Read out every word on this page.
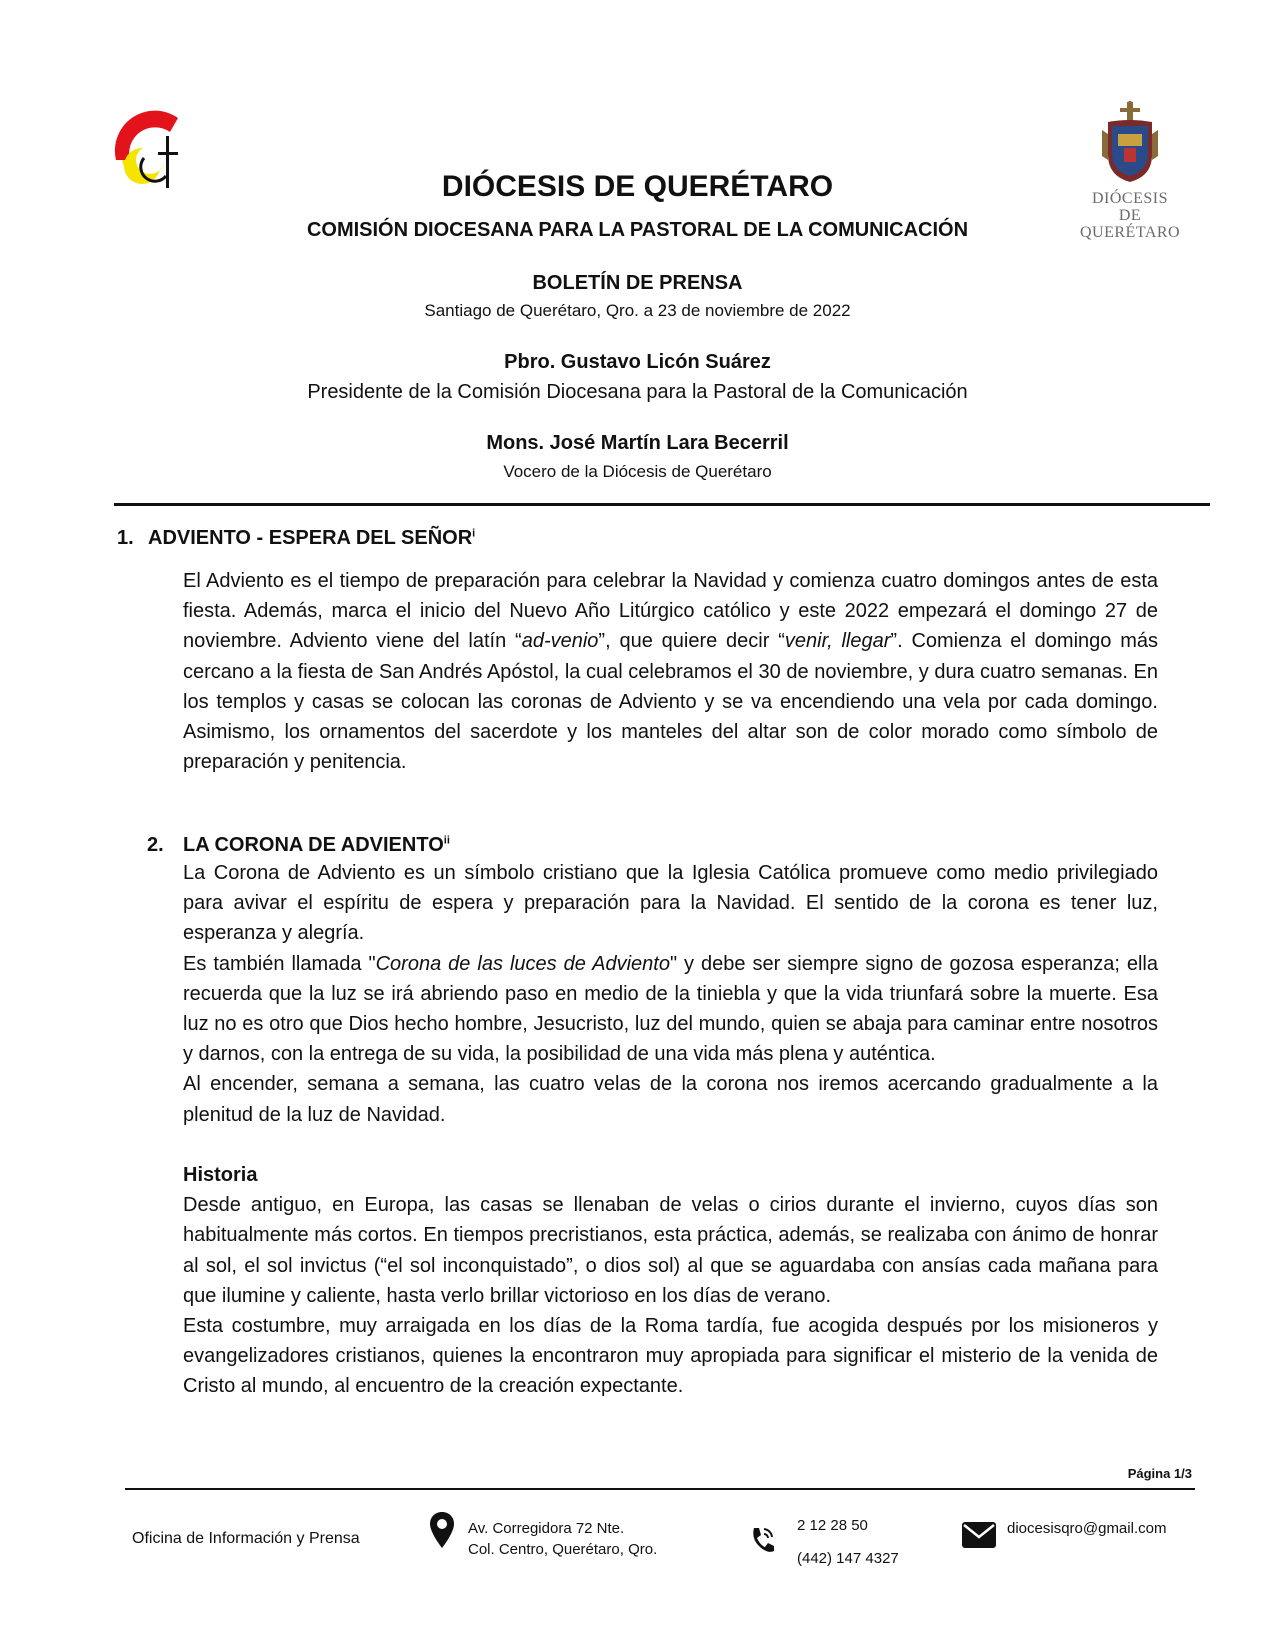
DIÓCESIS DE
QUERÉTARO
DIÓCESIS DE QUERÉTARO
COMISIÓN DIOCESANA PARA LA PASTORAL DE LA COMUNICACIÓN
BOLETÍN DE PRENSA
Santiago de Querétaro, Qro. a 23 de noviembre de 2022
Pbro. Gustavo Licón Suárez
Presidente de la Comisión Diocesana para la Pastoral de la Comunicación
Mons. José Martín Lara Becerril
Vocero de la Diócesis de Querétaro
1. ADVIENTO - ESPERA DEL SEÑOR$^i$

El Adviento es el tiempo de preparación para celebrar la Navidad y comienza cuatro domingos antes de esta fiesta. Además, marca el inicio del Nuevo Año Litúrgico católico y este 2022 empezará el domingo 27 de noviembre. Adviento viene del latín “ad-venio”, que quiere decir “venir, llegar”. Comienza el domingo más cercano a la fiesta de San Andrés Apóstol, la cual celebramos el 30 de noviembre, y dura cuatro semanas. En los templos y casas se colocan las coronas de Adviento y se va encendiendo una vela por cada domingo. Asimismo, los ornamentos del sacerdote y los manteles del altar son de color morado como símbolo de preparación y penitencia.

2. LA CORONA DE ADVIENTO$^{ii}$

La Corona de Adviento es un símbolo cristiano que la Iglesia Católica promueve como medio privilegiado para avivar el espíritu de espera y preparación para la Navidad. El sentido de la corona es tener luz, esperanza y alegría.

Es también llamada "Corona de las luces de Adviento" y debe ser siempre signo de gozosa esperanza; ella recuerda que la luz se irá abriendo paso en medio de la tiniebla y que la vida triunfará sobre la muerte. Esa luz no es otro que Dios hecho hombre, Jesucristo, luz del mundo, quien se abaja para caminar entre nosotros y darnos, con la entrega de su vida, la posibilidad de una vida más plena y auténtica.

Al encender, semana a semana, las cuatro velas de la corona nos iremos acercando gradualmente a la plenitud de la luz de Navidad.

Historia

Desde antiguo, en Europa, las casas se llenaban de velas o cirios durante el invierno, cuyos días son habitualmente más cortos. En tiempos precristianos, esta práctica, además, se realizaba con ánimo de honrar al sol, el sol invictus (“el sol inconquistado”, o dios sol) al que se aguardaba con ansías cada mañana para que ilumine y caliente, hasta verlo brillar victorioso en los días de verano.

Esta costumbre, muy arraigada en los días de la Roma tardía, fue acogida después por los misioneros y evangelizadores cristianos, quienes la encontraron muy apropiada para significar el misterio de la venida de Cristo al mundo, al encuentro de la creación expectante.

Página 1/3
Oficina de Información y Prensa
Av. Corregidora 72 Nte.
Col. Centro, Querétaro, Qro.
2 12 28 50
(442) 147 4327
diocesisqro@gmail.com
